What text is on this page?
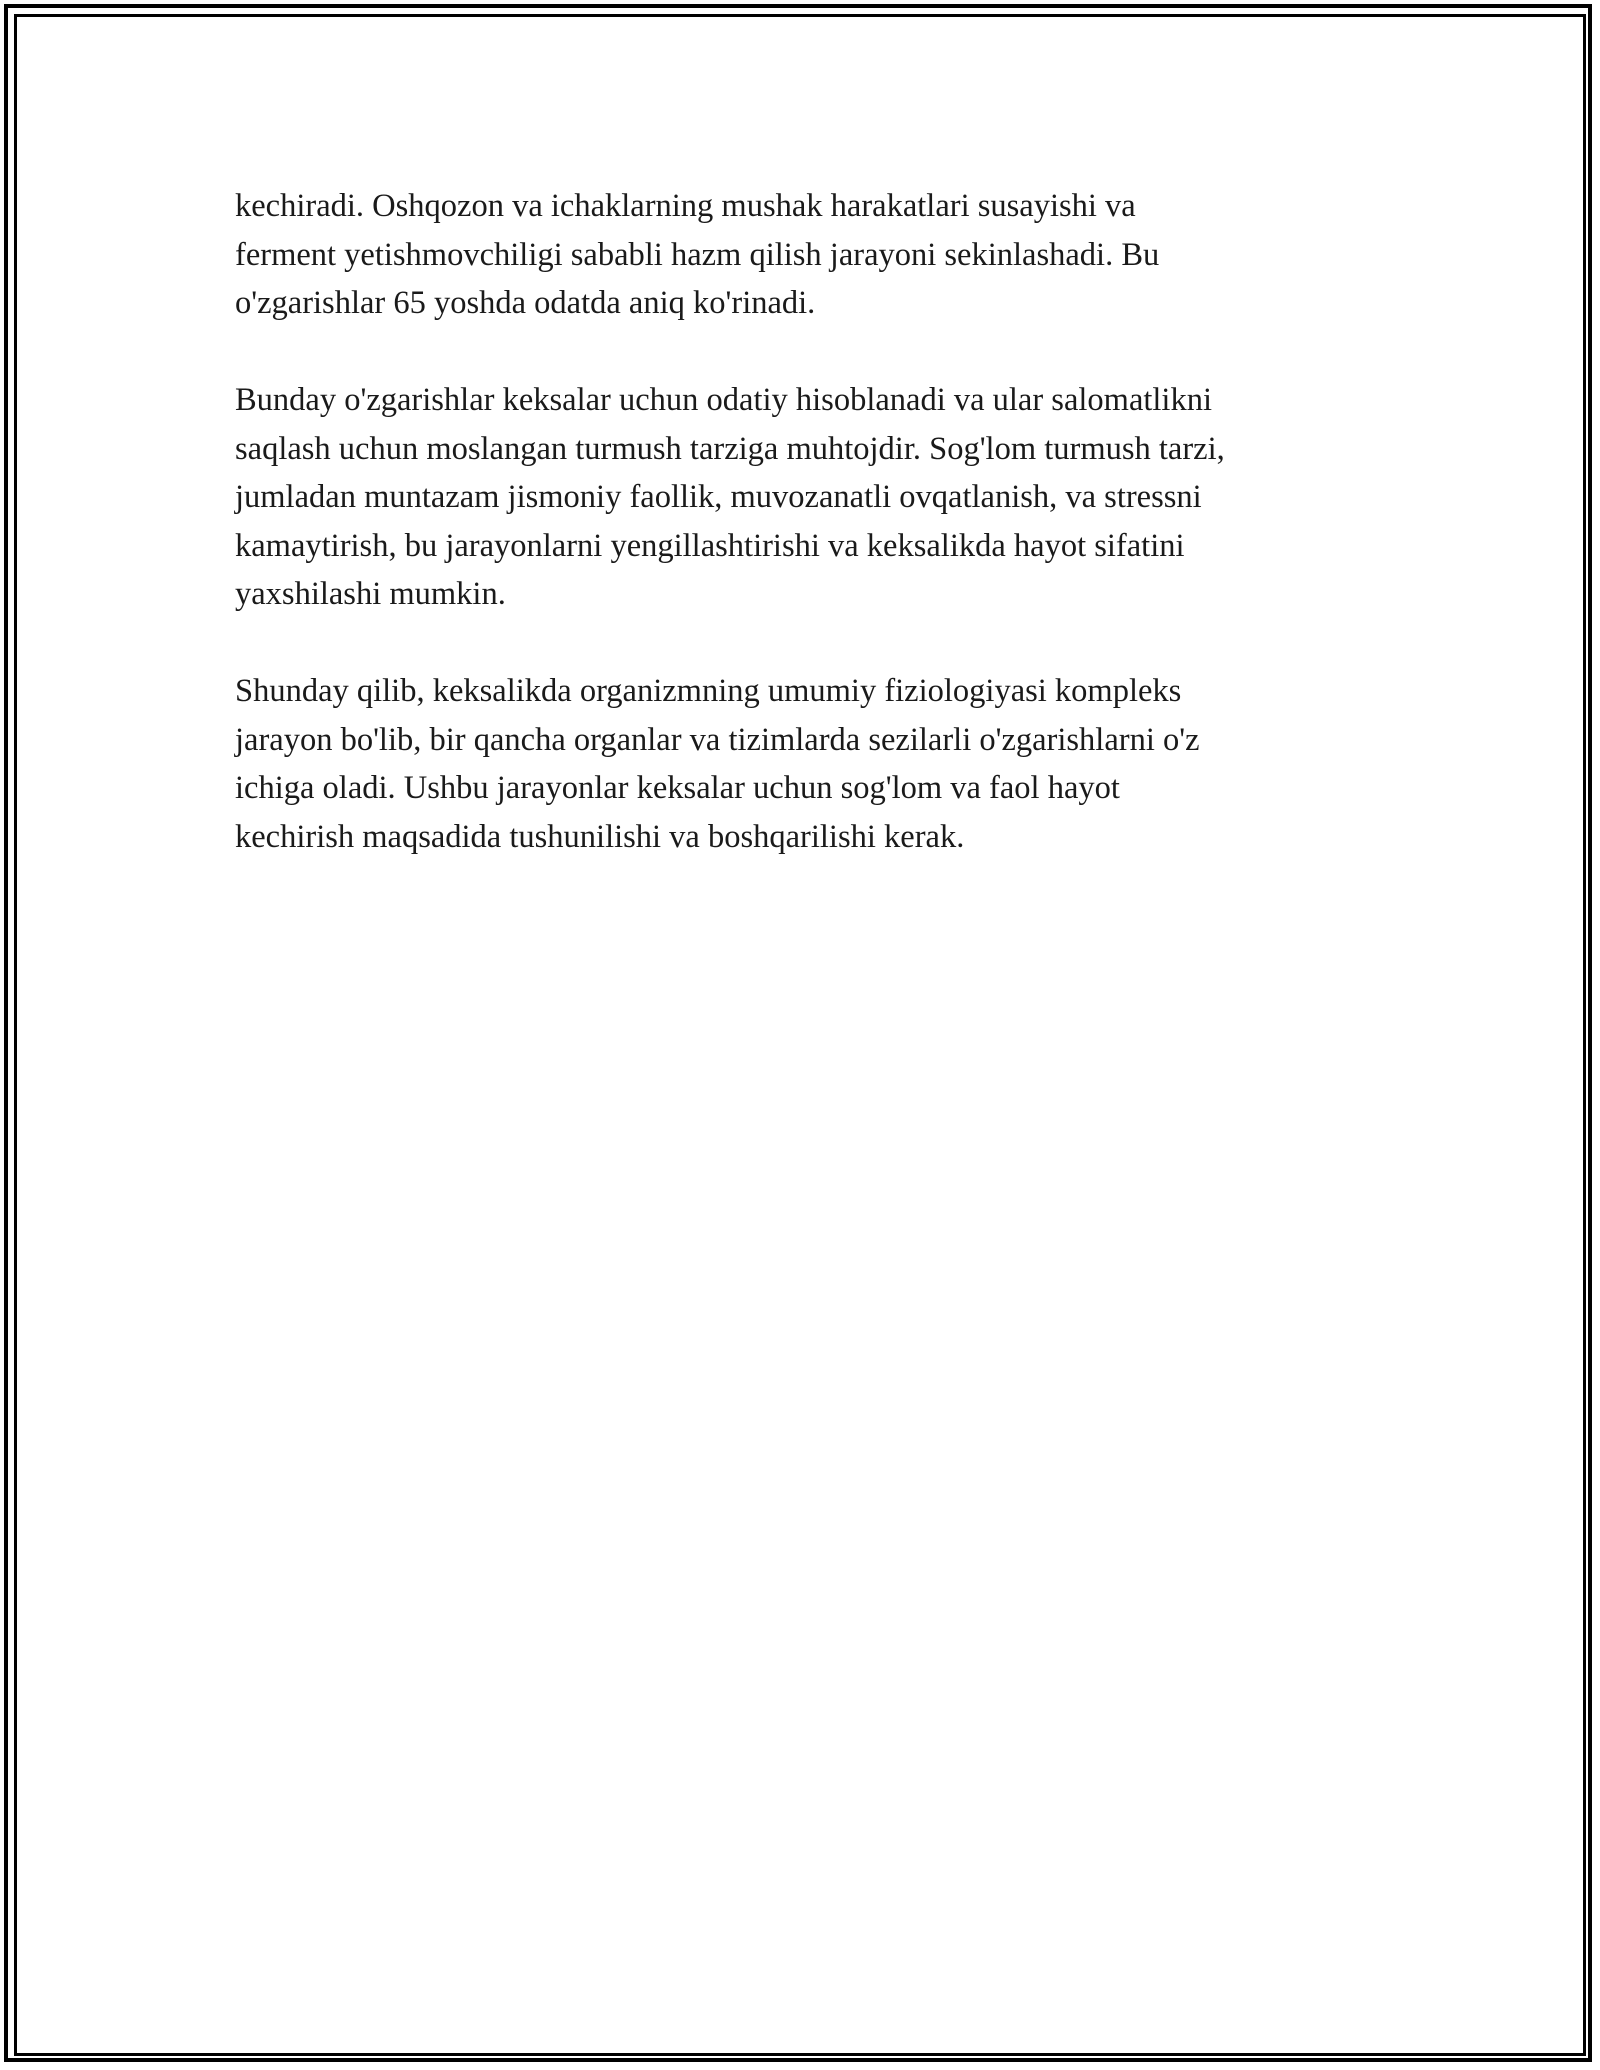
kechiradi. Oshqozon va ichaklarning mushak harakatlari susayishi va
ferment yetishmovchiligi sababli hazm qilish jarayoni sekinlashadi. Bu
o'zgarishlar 65 yoshda odatda aniq ko'rinadi.

Bunday o'zgarishlar keksalar uchun odatiy hisoblanadi va ular salomatlikni
saqlash uchun moslangan turmush tarziga muhtojdir. Sog'lom turmush tarzi,
jumladan muntazam jismoniy faollik, muvozanatli ovqatlanish, va stressni
kamaytirish, bu jarayonlarni yengillashtirishi va keksalikda hayot sifatini
yaxshilashi mumkin.

Shunday qilib, keksalikda organizmning umumiy fiziologiyasi kompleks
jarayon bo'lib, bir qancha organlar va tizimlarda sezilarli o'zgarishlarni o'z
ichiga oladi. Ushbu jarayonlar keksalar uchun sog'lom va faol hayot
kechirish maqsadida tushunilishi va boshqarilishi kerak.
